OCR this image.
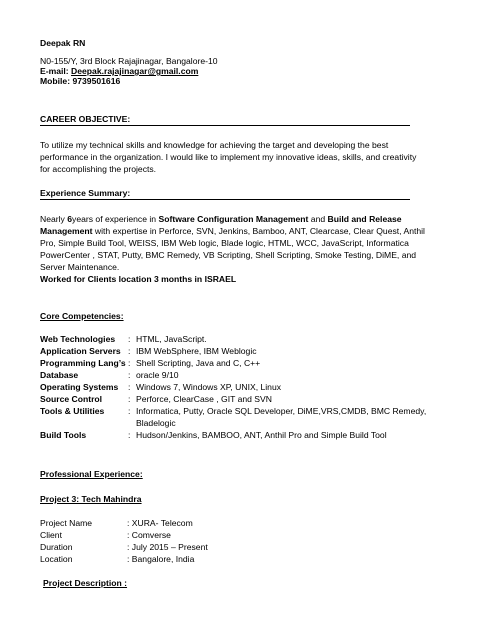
Deepak RN
N0-155/Y, 3rd Block Rajajinagar, Bangalore-10
E-mail: Deepak.rajajinagar@gmail.com
Mobile: 9739501616
CAREER OBJECTIVE:
To utilize my technical skills and knowledge for achieving the target and developing the best
performance in the organization. I would like to implement my innovative ideas, skills, and creativity
for accomplishing the projects.
Experience Summary:
Nearly 6years of experience in Software Configuration Management and Build and Release
Management with expertise in Perforce, SVN, Jenkins, Bamboo, ANT, Clearcase, Clear Quest, Anthil
Pro, Simple Build Tool, WEISS, IBM Web logic, Blade logic, HTML, WCC, JavaScript, Informatica
PowerCenter , STAT, Putty, BMC Remedy, VB Scripting, Shell Scripting, Smoke Testing, DiME, and
Server Maintenance.
Worked for Clients location 3 months in ISRAEL
Core Competencies:
Web Technologies : HTML, JavaScript.
Application Servers : IBM WebSphere, IBM Weblogic
Programming Lang’s : Shell Scripting, Java and C, C++
Database	: oracle 9/10
Operating Systems : Windows 7, Windows XP, UNIX, Linux
Source Control	: Perforce, ClearCase , GIT and SVN
Tools & Utilities	: Informatica, Putty, Oracle SQL Developer, DiME,VRS,CMDB, BMC Remedy, Bladelogic
Build Tools	: Hudson/Jenkins, BAMBOO, ANT, Anthil Pro and Simple Build Tool
Professional Experience:
Project 3: Tech Mahindra
Project Name	: XURA- Telecom
Client	: Comverse
Duration	: July 2015 – Present
Location	: Bangalore, India
Project Description :
